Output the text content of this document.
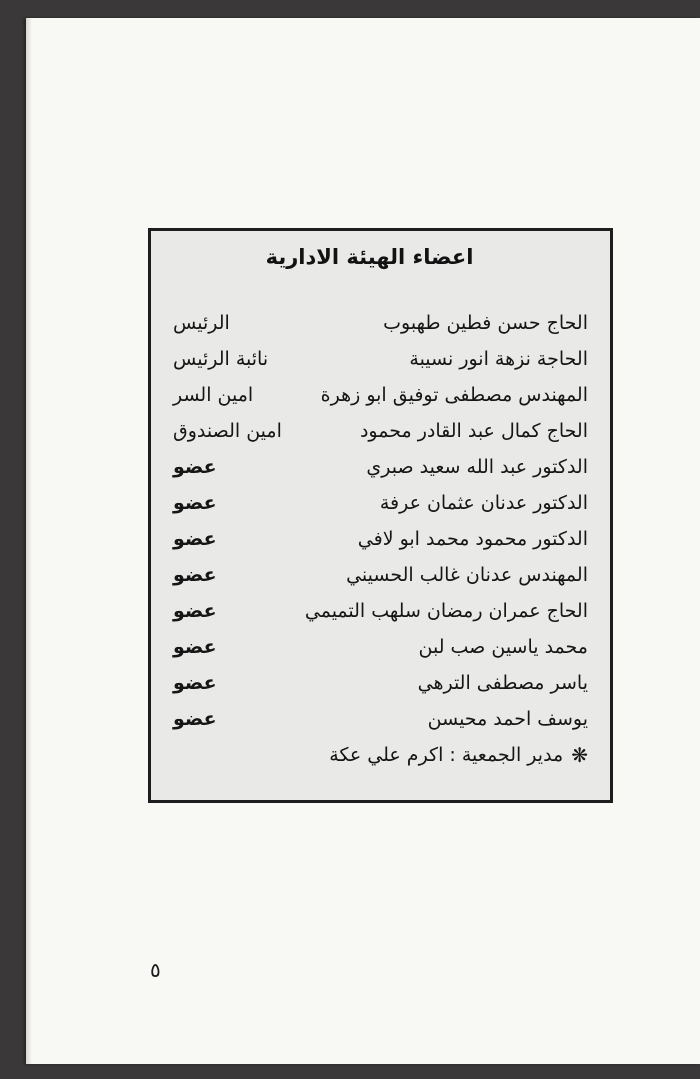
اعضاء الهيئة الادارية
الحاج حسن فطين طهبوب
الرئيس
الحاجة نزهة انور نسيبة
نائبة الرئيس
المهندس مصطفى توفيق ابو زهرة
امين السر
الحاج كمال عبد القادر محمود
امين الصندوق
الدكتور عبد الله سعيد صبري
عضو
الدكتور عدنان عثمان عرفة
عضو
الدكتور محمود محمد ابو لافي
عضو
المهندس عدنان غالب الحسيني
عضو
الحاج عمران رمضان سلهب التميمي
عضو
محمد ياسين صب لبن
عضو
ياسر مصطفى الترهي
عضو
يوسف احمد محيسن
عضو
❋
مدير الجمعية : اكرم علي عكة
٥
